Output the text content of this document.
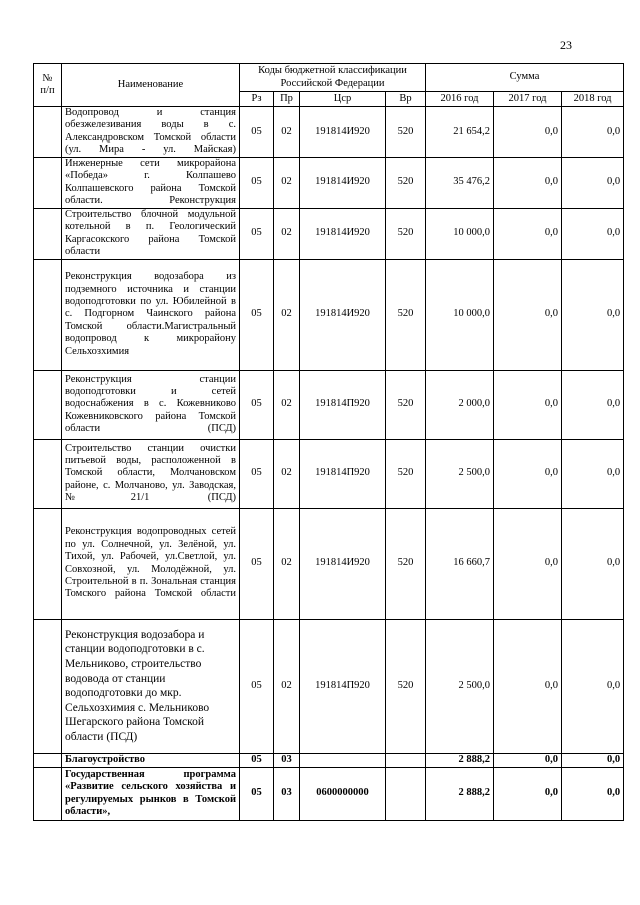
23
№
п/п	Наименование	Коды бюджетной классификации Российской Федерации				Сумма		
		Рз	Пр	Цср	Вр	2016 год	2017 год	2018 год
	Водопровод и станция обезжелезивания воды в с. Александровском Томской области (ул. Мира - ул. Майская)	05	02	191814И920	520	21 654,2	0,0	0,0
	Инженерные сети микрорайона «Победа» г. Колпашево Колпашевского района Томской области. Реконструкция	05	02	191814И920	520	35 476,2	0,0	0,0
	Строительство блочной модульной котельной в п. Геологический Каргасокского района Томской области	05	02	191814И920	520	10 000,0	0,0	0,0
	Реконструкция водозабора из подземного источника и станции водоподготовки по ул. Юбилейной в с. Подгорном Чаинского района Томской области.Магистральный водопровод к микрорайону Сельхозхимия	05	02	191814И920	520	10 000,0	0,0	0,0
	Реконструкция станции водоподготовки и сетей водоснабжения в с. Кожевниково Кожевниковского района Томской области (ПСД)	05	02	191814П920	520	2 000,0	0,0	0,0
	Строительство станции очистки питьевой воды, расположенной в Томской области, Молчановском районе, с. Молчаново, ул. Заводская, №21/1 (ПСД)	05	02	191814П920	520	2 500,0	0,0	0,0
	Реконструкция водопроводных сетей по ул. Солнечной, ул. Зелёной, ул. Тихой, ул. Рабочей, ул.Светлой, ул. Совхозной, ул. Молодёжной, ул. Строительной в п. Зональная станция Томского района Томской области	05	02	191814И920	520	16 660,7	0,0	0,0
	Реконструкция водозабора и станции водоподготовки в с. Мельниково, строительство водовода от станции водоподготовки до мкр. Сельхозхимия с. Мельниково Шегарского района Томской области (ПСД)	05	02	191814П920	520	2 500,0	0,0	0,0
	Благоустройство	05	03			2 888,2	0,0	0,0
	Государственная программа «Развитие сельского хозяйства и регулируемых рынков в Томской области»,	05	03	0600000000		2 888,2	0,0	0,0
